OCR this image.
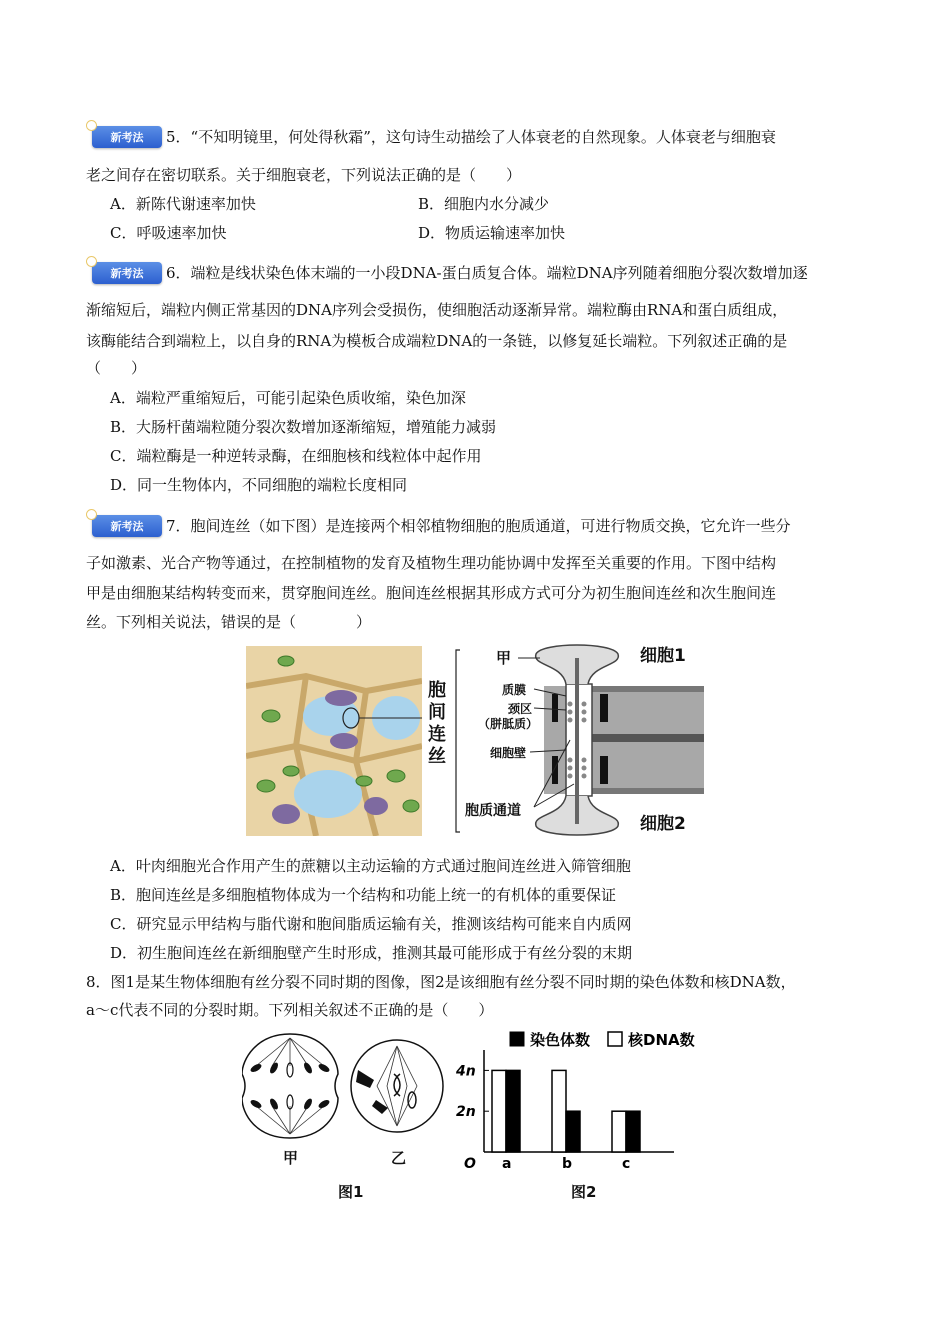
新考法	5．“不知明镜里，何处得秋霜”，这句诗生动描绘了人体衰老的自然现象。人体衰老与细胞衰
老之间存在密切联系。关于细胞衰老，下列说法正确的是（　　）
A．新陈代谢速率加快	B．细胞内水分减少
C．呼吸速率加快	D．物质运输速率加快
新考法	6．端粒是线状染色体末端的一小段DNA-蛋白质复合体。端粒DNA序列随着细胞分裂次数增加逐
渐缩短后，端粒内侧正常基因的DNA序列会受损伤，使细胞活动逐渐异常。端粒酶由RNA和蛋白质组成，
该酶能结合到端粒上，以自身的RNA为模板合成端粒DNA的一条链，以修复延长端粒。下列叙述正确的是
（　　）
A．端粒严重缩短后，可能引起染色质收缩，染色加深
B．大肠杆菌端粒随分裂次数增加逐渐缩短，增殖能力减弱
C．端粒酶是一种逆转录酶，在细胞核和线粒体中起作用
D．同一生物体内，不同细胞的端粒长度相同
新考法	7．胞间连丝（如下图）是连接两个相邻植物细胞的胞质通道，可进行物质交换，它允许一些分
子如激素、光合产物等通过，在控制植物的发育及植物生理功能协调中发挥至关重要的作用。下图中结构
甲是由细胞某结构转变而来，贯穿胞间连丝。胞间连丝根据其形成方式可分为初生胞间连丝和次生胞间连
丝。下列相关说法，错误的是（　　　　）
胞间连丝
甲	细胞1
细胞2
质膜
颈区
（胼胝质）
细胞壁
胞质通道
A．叶肉细胞光合作用产生的蔗糖以主动运输的方式通过胞间连丝进入筛管细胞
B．胞间连丝是多细胞植物体成为一个结构和功能上统一的有机体的重要保证
C．研究显示甲结构与脂代谢和胞间脂质运输有关，推测该结构可能来自内质网
D．初生胞间连丝在新细胞壁产生时形成，推测其最可能形成于有丝分裂的末期
8．图1是某生物体细胞有丝分裂不同时期的图像，图2是该细胞有丝分裂不同时期的染色体数和核DNA数，
a～c代表不同的分裂时期。下列相关叙述不正确的是（　　）
甲	乙
图1
染色体数	核DNA数
O
2n
4n
a	b	c
图2
